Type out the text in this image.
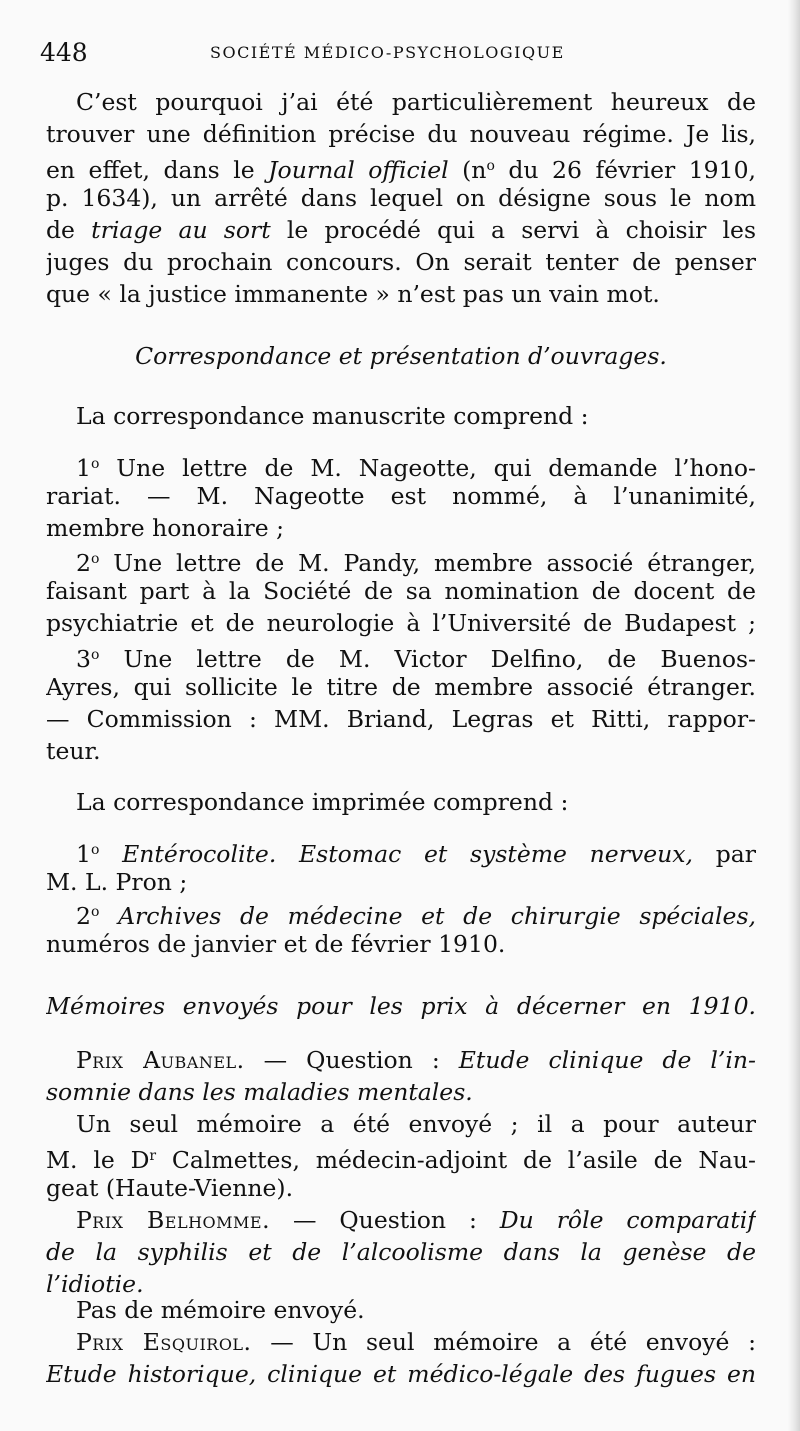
448	SOCIÉTÉ MÉDICO-PSYCHOLOGIQUE
C’est pourquoi j’ai été particulièrement heureux de
trouver une définition précise du nouveau régime. Je lis,
en effet, dans le Journal officiel ($n^o$ du 26 février 1910,
p. 1634), un arrêté dans lequel on désigne sous le nom
de triage au sort le procédé qui a servi à choisir les
juges du prochain concours. On serait tenter de penser
que « la justice immanente » n’est pas un vain mot.
Correspondance et présentation d’ouvrages.
La correspondance manuscrite comprend :
1$^o$ Une lettre de M. Nageotte, qui demande l’hono-
rariat. — M. Nageotte est nommé, à l’unanimité,
membre honoraire ;
2$^o$ Une lettre de M. Pandy, membre associé étranger,
faisant part à la Société de sa nomination de docent de
psychiatrie et de neurologie à l’Université de Budapest ;
3$^o$ Une lettre de M. Victor Delfino, de Buenos-
Ayres, qui sollicite le titre de membre associé étranger.
— Commission : MM. Briand, Legras et Ritti, rappor-
teur.
La correspondance imprimée comprend :
1$^o$ Entérocolite. Estomac et système nerveux, par
M. L. Pron ;
2$^o$ Archives de médecine et de chirurgie spéciales,
numéros de janvier et de février 1910.
Mémoires envoyés pour les prix à décerner en 1910.
Prix Aubanel. — Question : Etude clinique de l’in-
somnie dans les maladies mentales.
Un seul mémoire a été envoyé ; il a pour auteur
M. le $D^r$ Calmettes, médecin-adjoint de l’asile de Nau-
geat (Haute-Vienne).
Prix Belhomme. — Question : Du rôle comparatif
de la syphilis et de l’alcoolisme dans la genèse de
l’idiotie.
Pas de mémoire envoyé.
Prix Esquirol. — Un seul mémoire a été envoyé :
Etude historique, clinique et médico-légale des fugues en
